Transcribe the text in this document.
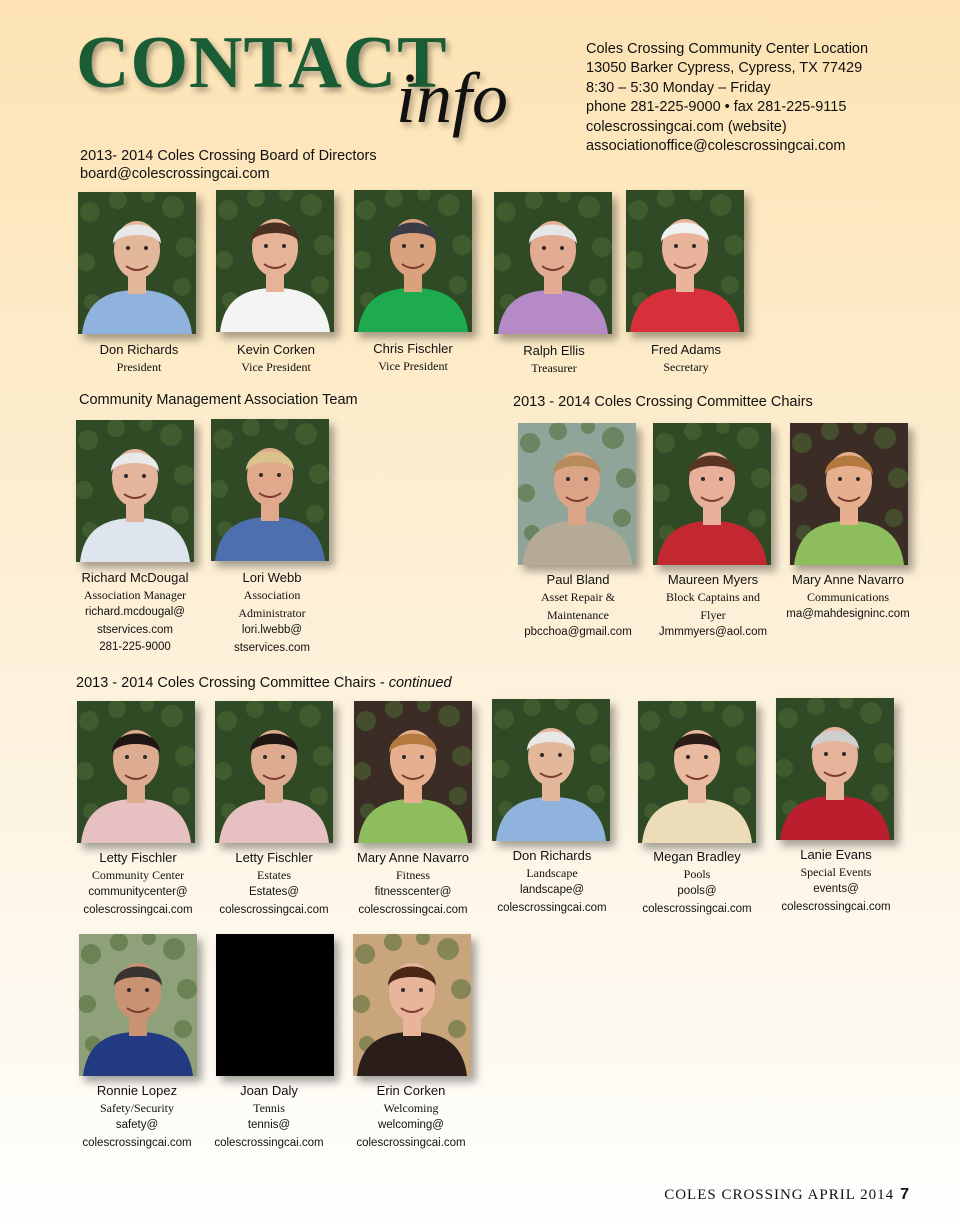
CONTACT
info
Coles Crossing Community Center Location
13050 Barker Cypress, Cypress, TX 77429
8:30 – 5:30 Monday – Friday
phone 281-225-9000 • fax 281-225-9115
colescrossingcai.com (website)
associationoffice@colescrossingcai.com
2013- 2014 Coles Crossing Board of Directors
board@colescrossingcai.com
Community Management Association Team	2013 - 2014 Coles Crossing Committee Chairs
2013 - 2014 Coles Crossing Committee Chairs - continued
Don Richards
President
Kevin Corken
Vice President
Chris Fischler
Vice President
Ralph Ellis
Treasurer
Fred Adams
Secretary
Richard McDougal
Association Manager
richard.mcdougal@
stservices.com
281-225-9000
Lori Webb
Association Administrator
lori.lwebb@
stservices.com
Paul Bland
Asset Repair & Maintenance
pbcchoa@gmail.com
Maureen Myers
Block Captains and Flyer
Jmmmyers@aol.com
Mary Anne Navarro
Communications
ma@mahdesigninc.com
Letty Fischler
Community Center
communitycenter@
colescrossingcai.com
Letty Fischler
Estates
Estates@
colescrossingcai.com
Mary Anne Navarro
Fitness
fitnesscenter@
colescrossingcai.com
Don Richards
Landscape
landscape@
colescrossingcai.com
Megan Bradley
Pools
pools@
colescrossingcai.com
Lanie Evans
Special Events
events@
colescrossingcai.com
Ronnie Lopez
Safety/Security
safety@
colescrossingcai.com
Joan Daly
Tennis
tennis@
colescrossingcai.com
Erin Corken
Welcoming
welcoming@
colescrossingcai.com
COLES CROSSING APRIL 2014 7
